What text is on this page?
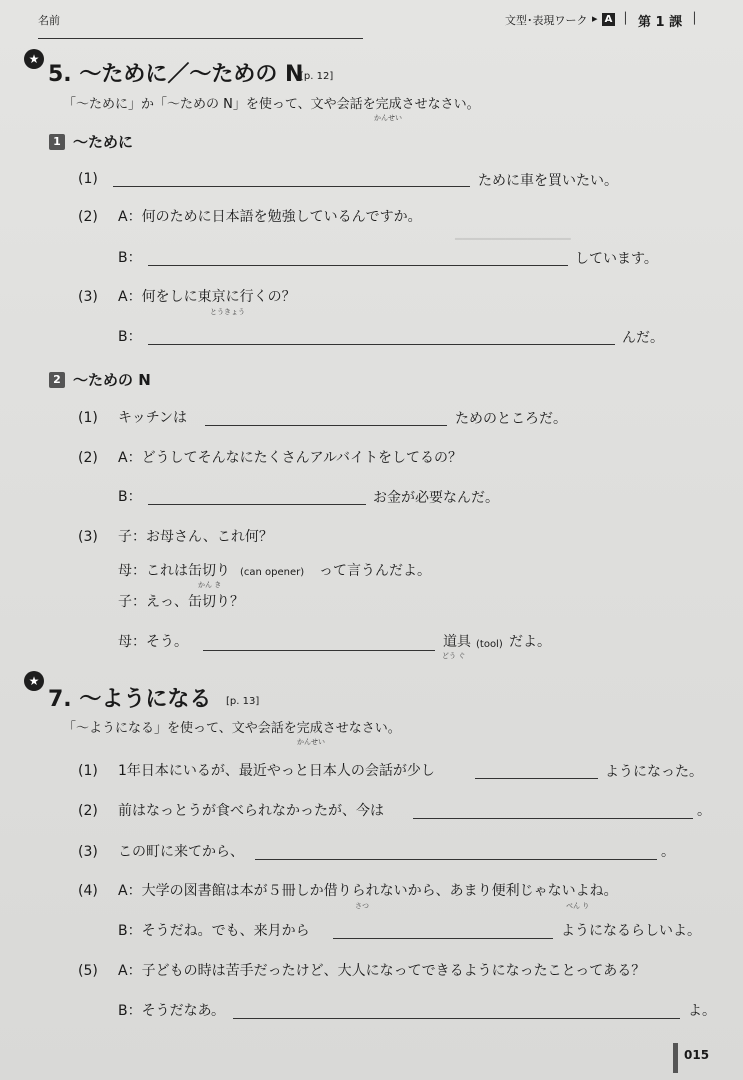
━━━━━━━━━━━━━━━━
名前	文型･表現ワーク ▸ A │ 第 1 課 │
★
5. ～ために／～ための N
[p. 12]
「～ために」か「～ための N」を使って、文や会話を完成させなさい。
かんせい
1 ～ために
(1)	ために車を買いたい。
(2) A：何のために日本語を勉強しているんですか。
B：	しています。
(3) A：何をしに東京に行くの？
とうきょう
B：	んだ。
2 ～ための N
(1) キッチンは	ためのところだ。
(2) A：どうしてそんなにたくさんアルバイトをしてるの？
B：	お金が必要なんだ。
(3) 子：お母さん、これ何？
母：これは缶切り (can opener) って言うんだよ。
かん き
子：えっ、缶切り？
母：そう。	道具 (tool) だよ。
どう ぐ
★
7. ～ようになる [p. 13]
「～ようになる」を使って、文や会話を完成させなさい。
かんせい
(1) 1年日本にいるが、最近やっと日本人の会話が少し	ようになった。
(2) 前はなっとうが食べられなかったが、今は	。
(3) この町に来てから、	。
(4) A：大学の図書館は本が５冊しか借りられないから、あまり便利じゃないよね。
さつ	べん り
B：そうだね。でも、来月から	ようになるらしいよ。
(5) A：子どもの時は苦手だったけど、大人になってできるようになったことってある？
B：そうだなあ。	よ。
015
